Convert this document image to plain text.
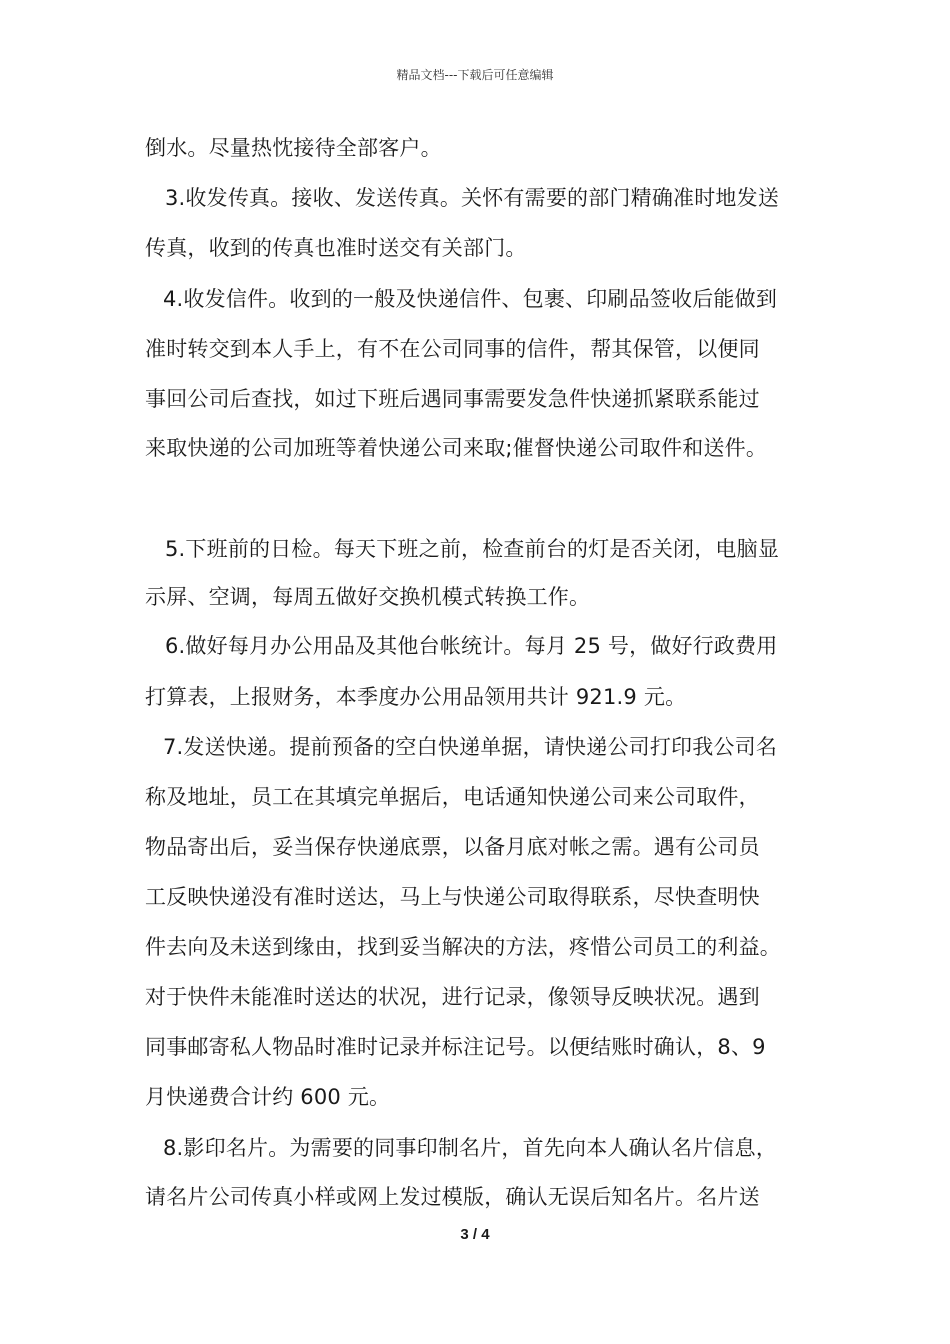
精品文档---下载后可任意编辑
倒水。尽量热忱接待全部客户。
3.收发传真。接收、发送传真。关怀有需要的部门精确准时地发送
传真，收到的传真也准时送交有关部门。
4.收发信件。收到的一般及快递信件、包裹、印刷品签收后能做到
准时转交到本人手上，有不在公司同事的信件，帮其保管，以便同
事回公司后查找，如过下班后遇同事需要发急件快递抓紧联系能过
来取快递的公司加班等着快递公司来取;催督快递公司取件和送件。
5.下班前的日检。每天下班之前，检查前台的灯是否关闭，电脑显
示屏、空调，每周五做好交换机模式转换工作。
6.做好每月办公用品及其他台帐统计。每月 25 号，做好行政费用
打算表，上报财务，本季度办公用品领用共计 921.9 元。
7.发送快递。提前预备的空白快递单据，请快递公司打印我公司名
称及地址，员工在其填完单据后，电话通知快递公司来公司取件，
物品寄出后，妥当保存快递底票，以备月底对帐之需。遇有公司员
工反映快递没有准时送达，马上与快递公司取得联系，尽快查明快
件去向及未送到缘由，找到妥当解决的方法，疼惜公司员工的利益。
对于快件未能准时送达的状况，进行记录，像领导反映状况。遇到
同事邮寄私人物品时准时记录并标注记号。以便结账时确认，8、9
月快递费合计约 600 元。
8.影印名片。为需要的同事印制名片，首先向本人确认名片信息，
请名片公司传真小样或网上发过模版，确认无误后知名片。名片送
3 / 4
